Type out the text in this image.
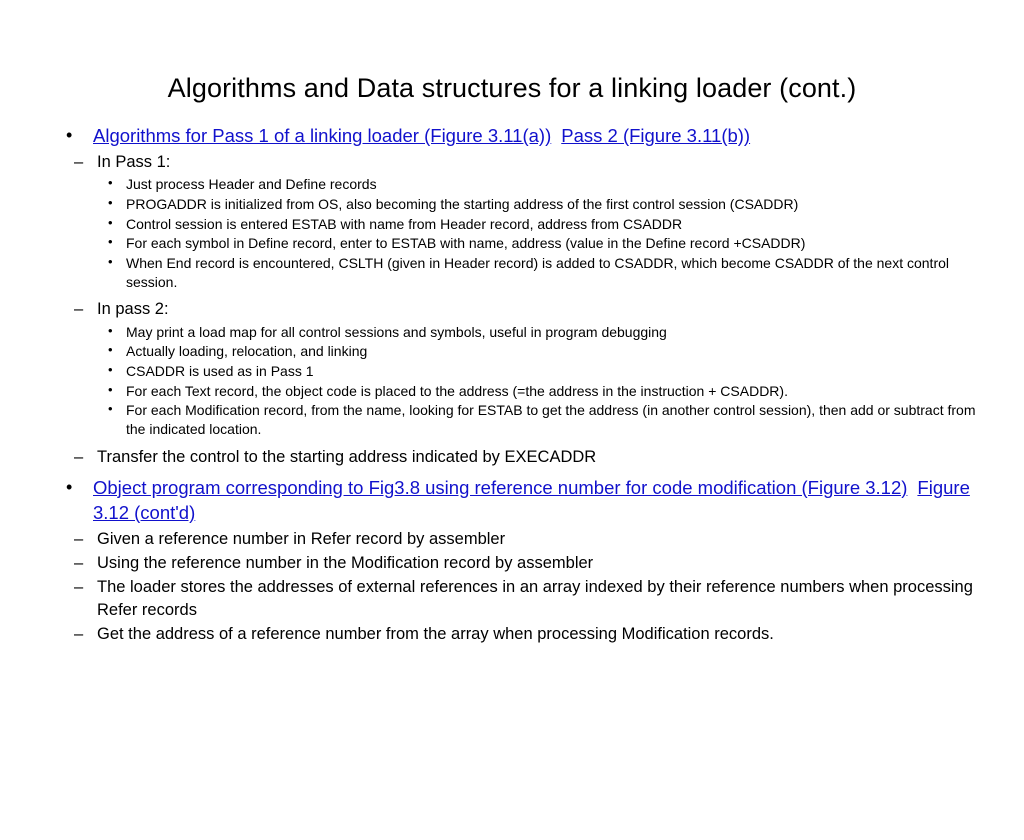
Algorithms and Data structures for a linking loader (cont.)
• Algorithms for Pass 1 of a linking loader (Figure 3.11(a)) Pass 2 (Figure 3.11(b))
– In Pass 1:
• Just process Header and Define records
• PROGADDR is initialized from OS, also becoming the starting address of the first control session (CSADDR)
• Control session is entered ESTAB with name from Header record, address from CSADDR
• For each symbol in Define record, enter to ESTAB with name, address (value in the Define record +CSADDR)
• When End record is encountered, CSLTH (given in Header record) is added to CSADDR, which become CSADDR of the next control session.
– In pass 2:
• May print a load map for all control sessions and symbols, useful in program debugging
• Actually loading, relocation, and linking
• CSADDR is used as in Pass 1
• For each Text record, the object code is placed to the address (=the address in the instruction + CSADDR).
• For each Modification record, from the name, looking for ESTAB to get the address (in another control session), then add or subtract from the indicated location.
– Transfer the control to the starting address indicated by EXECADDR
• Object program corresponding to Fig3.8 using reference number for code modification (Figure 3.12) Figure 3.12 (cont'd)
– Given a reference number in Refer record by assembler
– Using the reference number in the Modification record by assembler
– The loader stores the addresses of external references in an array indexed by their reference numbers when processing Refer records
– Get the address of a reference number from the array when processing Modification records.
